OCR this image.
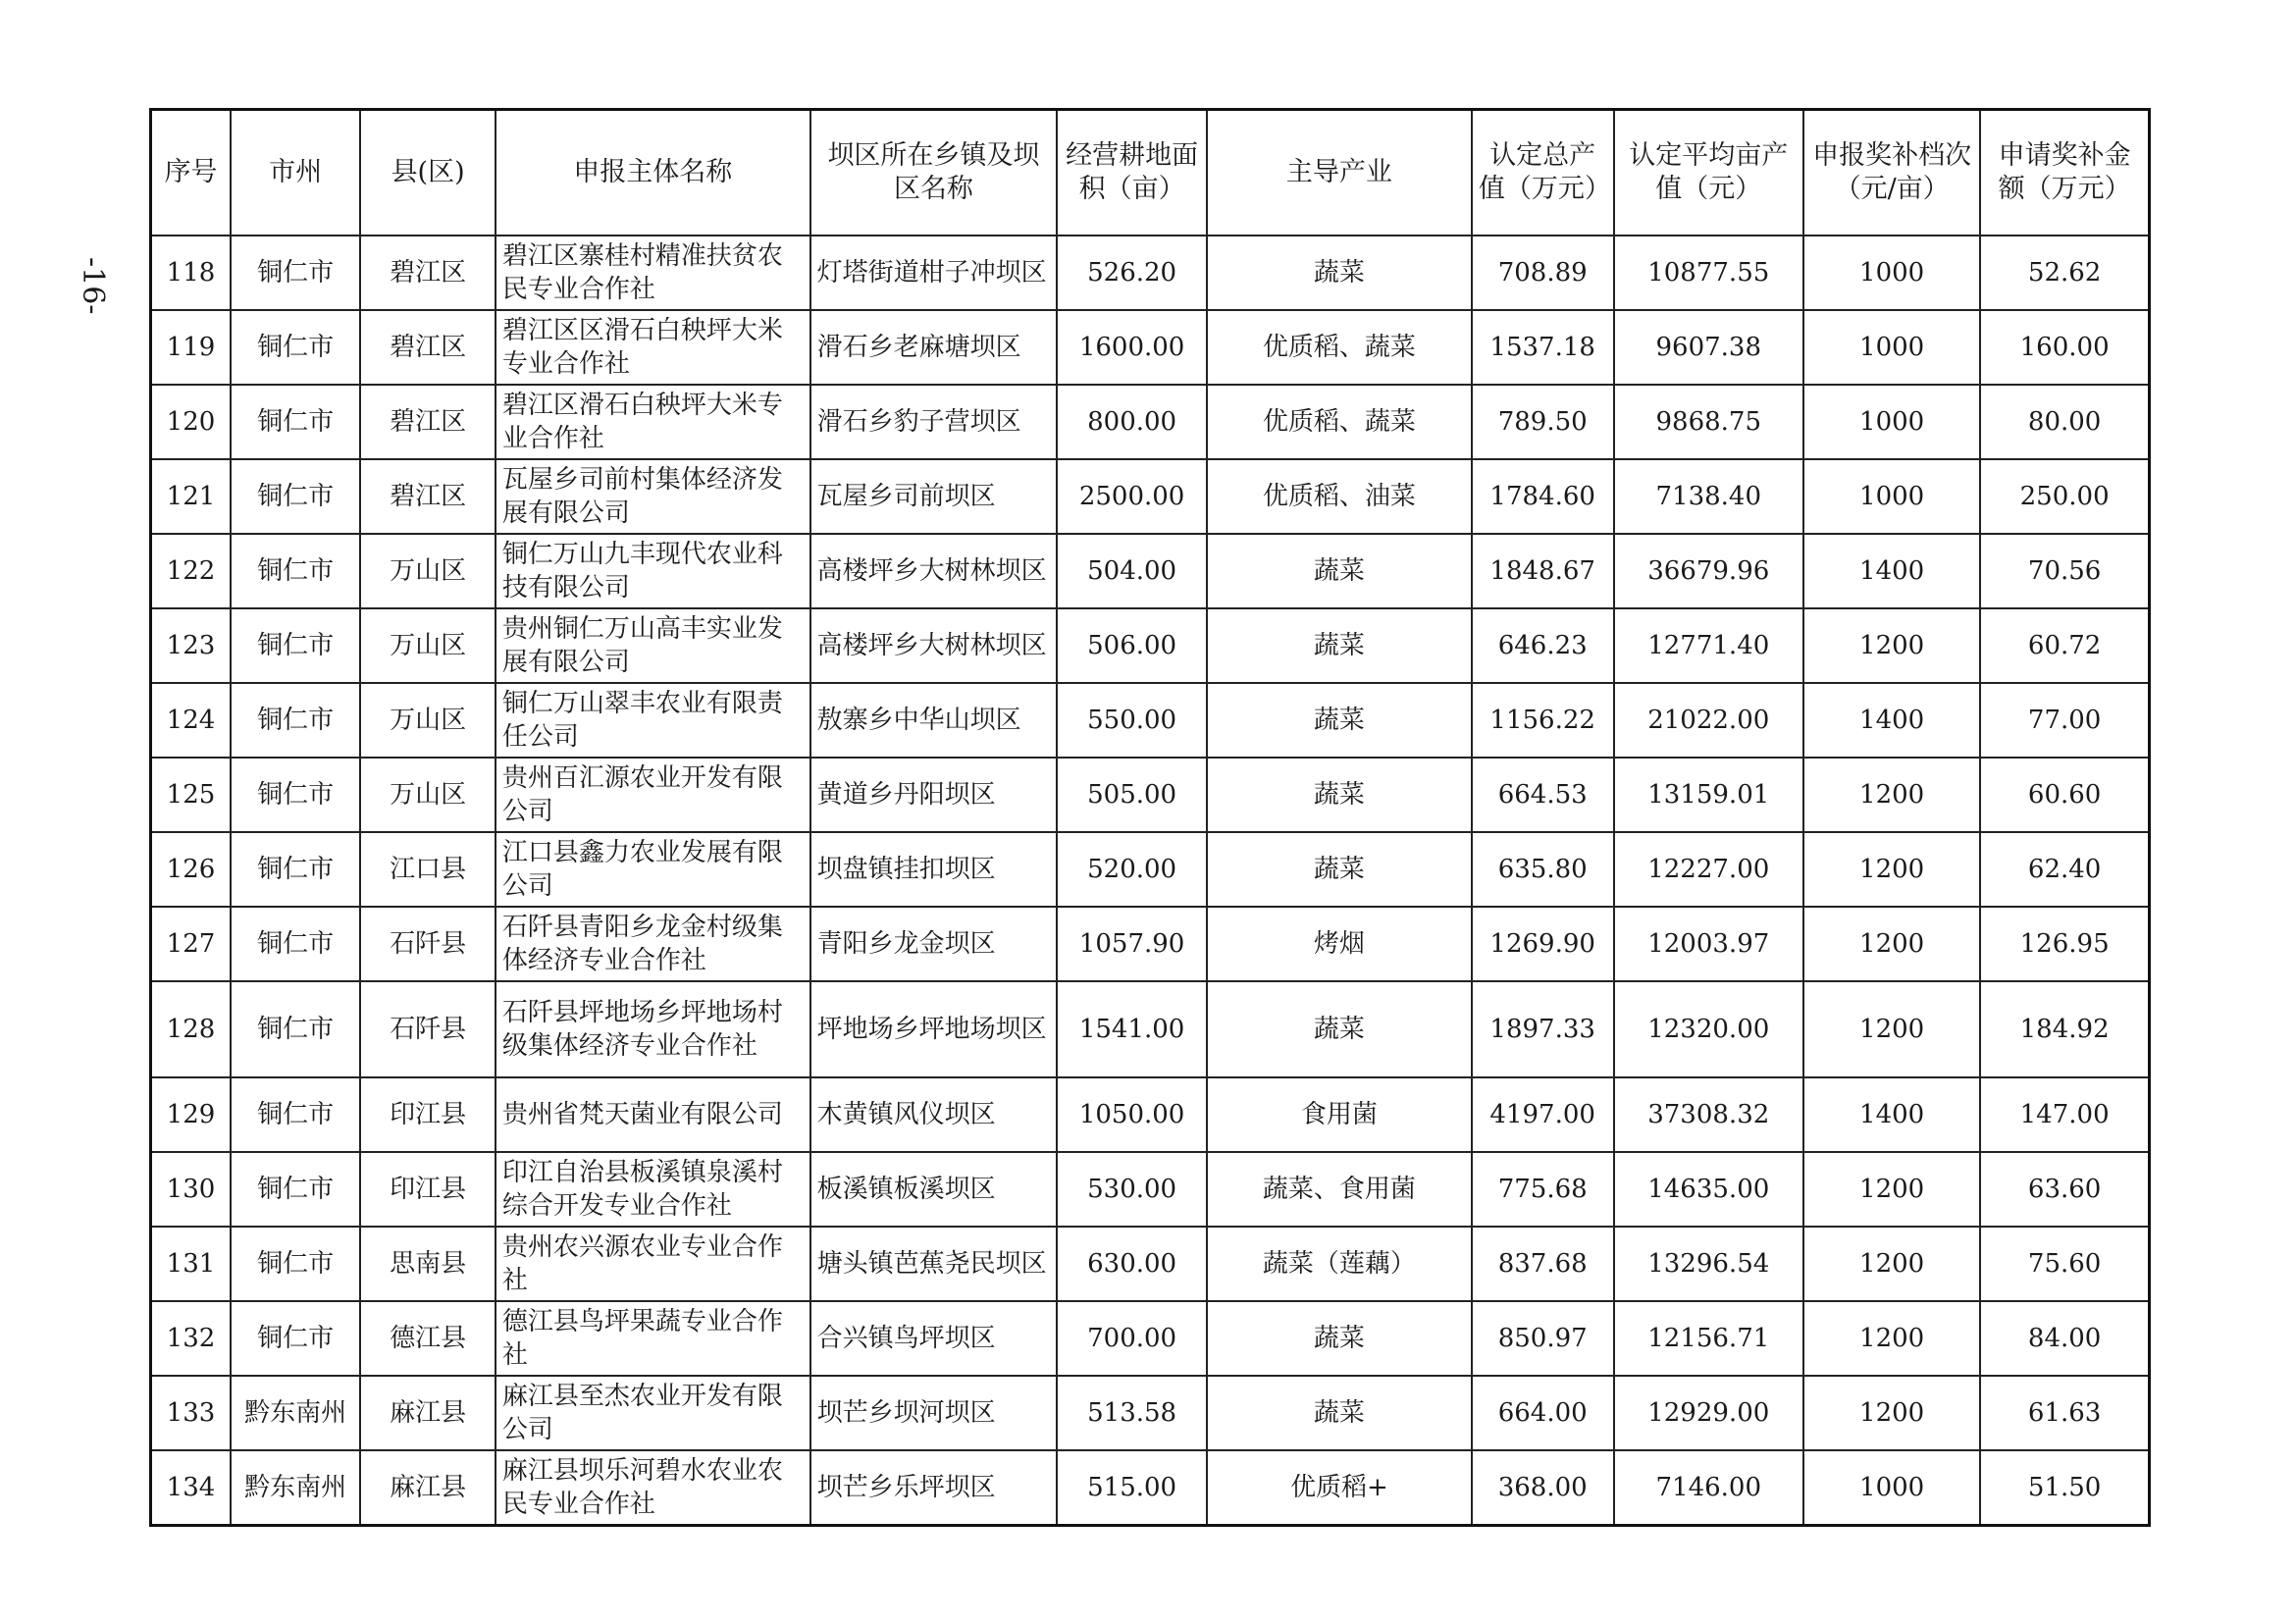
-16-
序号	市州	县(区)	申报主体名称	坝区所在乡镇及坝区名称	经营耕地面积（亩）	主导产业	认定总产值（万元）	认定平均亩产值（元）	申报奖补档次（元/亩）	申请奖补金额（万元）
118	铜仁市	碧江区	碧江区寨桂村精准扶贫农民专业合作社	灯塔街道柑子冲坝区	526.20	蔬菜	708.89	10877.55	1000	52.62
119	铜仁市	碧江区	碧江区区滑石白秧坪大米专业合作社	滑石乡老麻塘坝区	1600.00	优质稻、蔬菜	1537.18	9607.38	1000	160.00
120	铜仁市	碧江区	碧江区滑石白秧坪大米专业合作社	滑石乡豹子营坝区	800.00	优质稻、蔬菜	789.50	9868.75	1000	80.00
121	铜仁市	碧江区	瓦屋乡司前村集体经济发展有限公司	瓦屋乡司前坝区	2500.00	优质稻、油菜	1784.60	7138.40	1000	250.00
122	铜仁市	万山区	铜仁万山九丰现代农业科技有限公司	高楼坪乡大树林坝区	504.00	蔬菜	1848.67	36679.96	1400	70.56
123	铜仁市	万山区	贵州铜仁万山高丰实业发展有限公司	高楼坪乡大树林坝区	506.00	蔬菜	646.23	12771.40	1200	60.72
124	铜仁市	万山区	铜仁万山翠丰农业有限责任公司	敖寨乡中华山坝区	550.00	蔬菜	1156.22	21022.00	1400	77.00
125	铜仁市	万山区	贵州百汇源农业开发有限公司	黄道乡丹阳坝区	505.00	蔬菜	664.53	13159.01	1200	60.60
126	铜仁市	江口县	江口县鑫力农业发展有限公司	坝盘镇挂扣坝区	520.00	蔬菜	635.80	12227.00	1200	62.40
127	铜仁市	石阡县	石阡县青阳乡龙金村级集体经济专业合作社	青阳乡龙金坝区	1057.90	烤烟	1269.90	12003.97	1200	126.95
128	铜仁市	石阡县	石阡县坪地场乡坪地场村级集体经济专业合作社	坪地场乡坪地场坝区	1541.00	蔬菜	1897.33	12320.00	1200	184.92
129	铜仁市	印江县	贵州省梵天菌业有限公司	木黄镇风仪坝区	1050.00	食用菌	4197.00	37308.32	1400	147.00
130	铜仁市	印江县	印江自治县板溪镇泉溪村综合开发专业合作社	板溪镇板溪坝区	530.00	蔬菜、食用菌	775.68	14635.00	1200	63.60
131	铜仁市	思南县	贵州农兴源农业专业合作社	塘头镇芭蕉尧民坝区	630.00	蔬菜（莲藕）	837.68	13296.54	1200	75.60
132	铜仁市	德江县	德江县鸟坪果蔬专业合作社	合兴镇鸟坪坝区	700.00	蔬菜	850.97	12156.71	1200	84.00
133	黔东南州	麻江县	麻江县至杰农业开发有限公司	坝芒乡坝河坝区	513.58	蔬菜	664.00	12929.00	1200	61.63
134	黔东南州	麻江县	麻江县坝乐河碧水农业农民专业合作社	坝芒乡乐坪坝区	515.00	优质稻+	368.00	7146.00	1000	51.50
